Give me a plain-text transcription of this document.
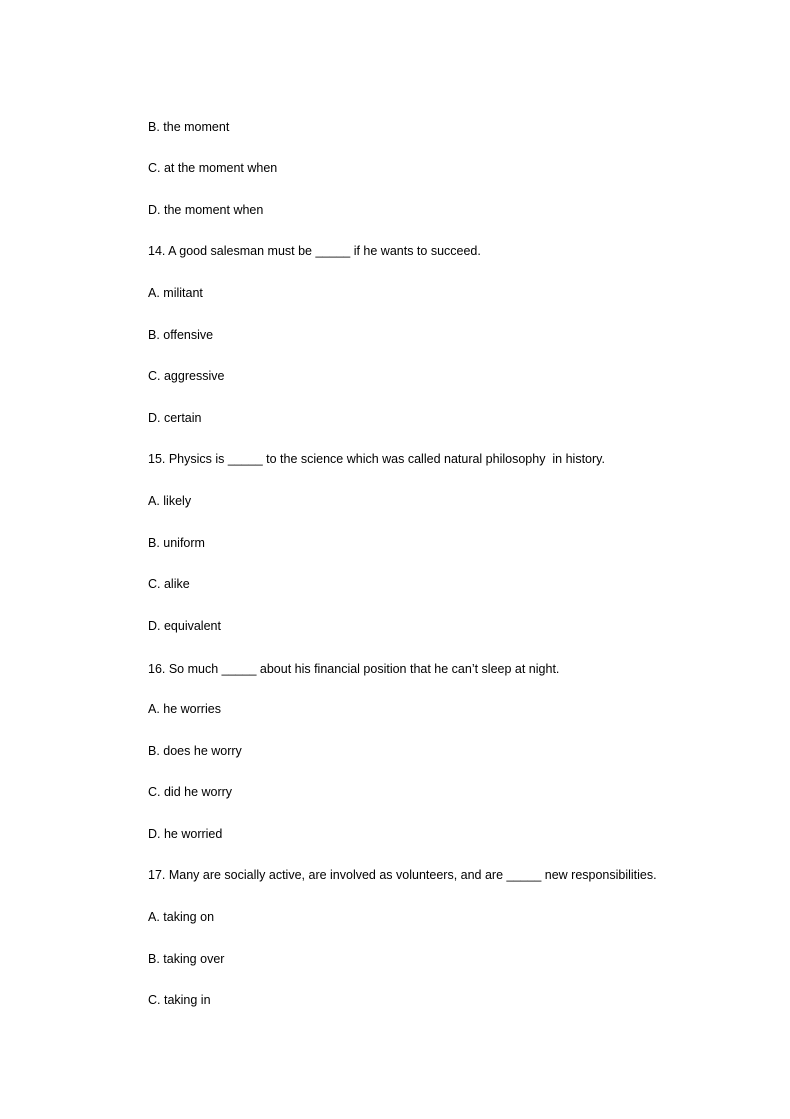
B. the moment
C. at the moment when
D. the moment when
14. A good salesman must be _____ if he wants to succeed.
A. militant
B. offensive
C. aggressive
D. certain
15. Physics is _____ to the science which was called natural philosophy  in history.
A. likely
B. uniform
C. alike
D. equivalent
16. So much _____ about his financial position that he can’t sleep at night.
A. he worries
B. does he worry
C. did he worry
D. he worried
17. Many are socially active, are involved as volunteers, and are _____ new responsibilities.
A. taking on
B. taking over
C. taking in
